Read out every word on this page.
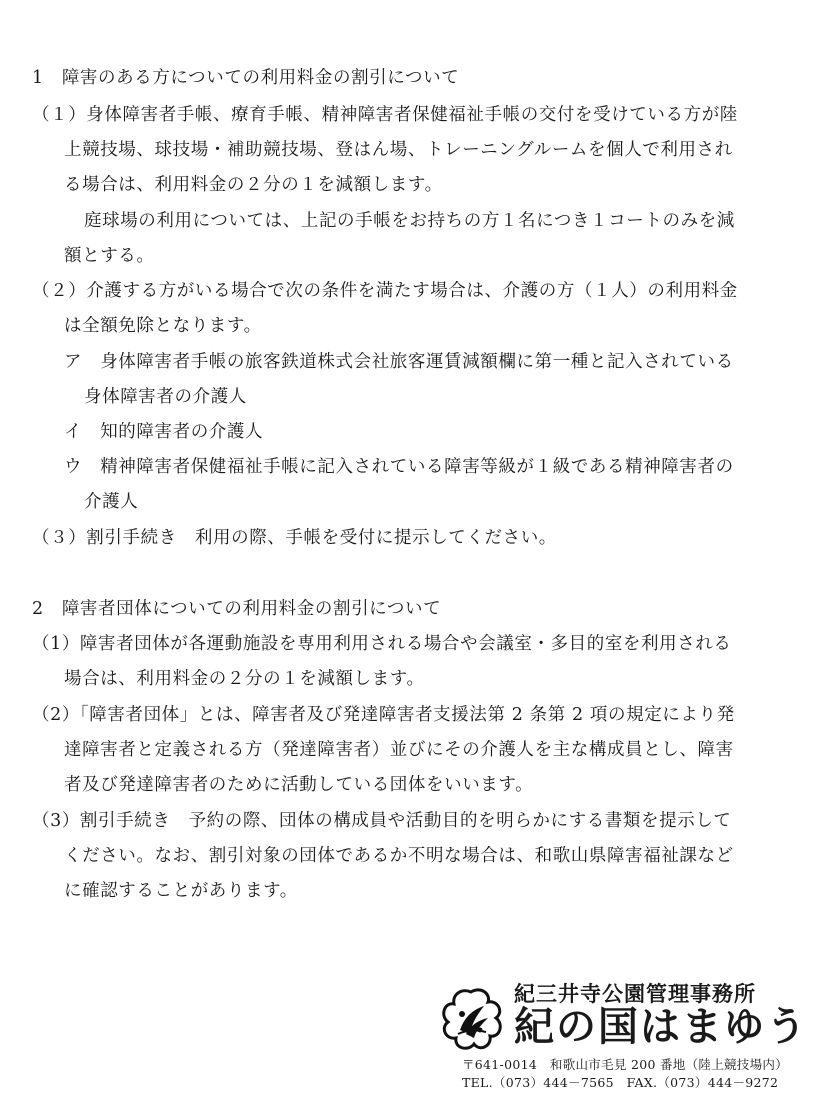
1　障害のある方についての利用料金の割引について
（１）身体障害者手帳、療育手帳、精神障害者保健福祉手帳の交付を受けている方が陸
上競技場、球技場・補助競技場、登はん場、トレーニングルームを個人で利用され
る場合は、利用料金の２分の１を減額します。
庭球場の利用については、上記の手帳をお持ちの方１名につき１コートのみを減
額とする。
（２）介護する方がいる場合で次の条件を満たす場合は、介護の方（１人）の利用料金
は全額免除となります。
ア　身体障害者手帳の旅客鉄道株式会社旅客運賃減額欄に第一種と記入されている
身体障害者の介護人
イ　知的障害者の介護人
ウ　精神障害者保健福祉手帳に記入されている障害等級が１級である精神障害者の
介護人
（３）割引手続き　利用の際、手帳を受付に提示してください。
2　障害者団体についての利用料金の割引について
（1）障害者団体が各運動施設を専用利用される場合や会議室・多目的室を利用される
場合は、利用料金の２分の１を減額します。
（2）「障害者団体」とは、障害者及び発達障害者支援法第 2 条第 2 項の規定により発
達障害者と定義される方（発達障害者）並びにその介護人を主な構成員とし、障害
者及び発達障害者のために活動している団体をいいます。
（3）割引手続き　予約の際、団体の構成員や活動目的を明らかにする書類を提示して
ください。なお、割引対象の団体であるか不明な場合は、和歌山県障害福祉課など
に確認することがあります。
紀三井寺公園管理事務所
紀の国はまゆう
〒641-0014　和歌山市毛見 200 番地（陸上競技場内）
TEL.（073）444－7565　FAX.（073）444－9272
